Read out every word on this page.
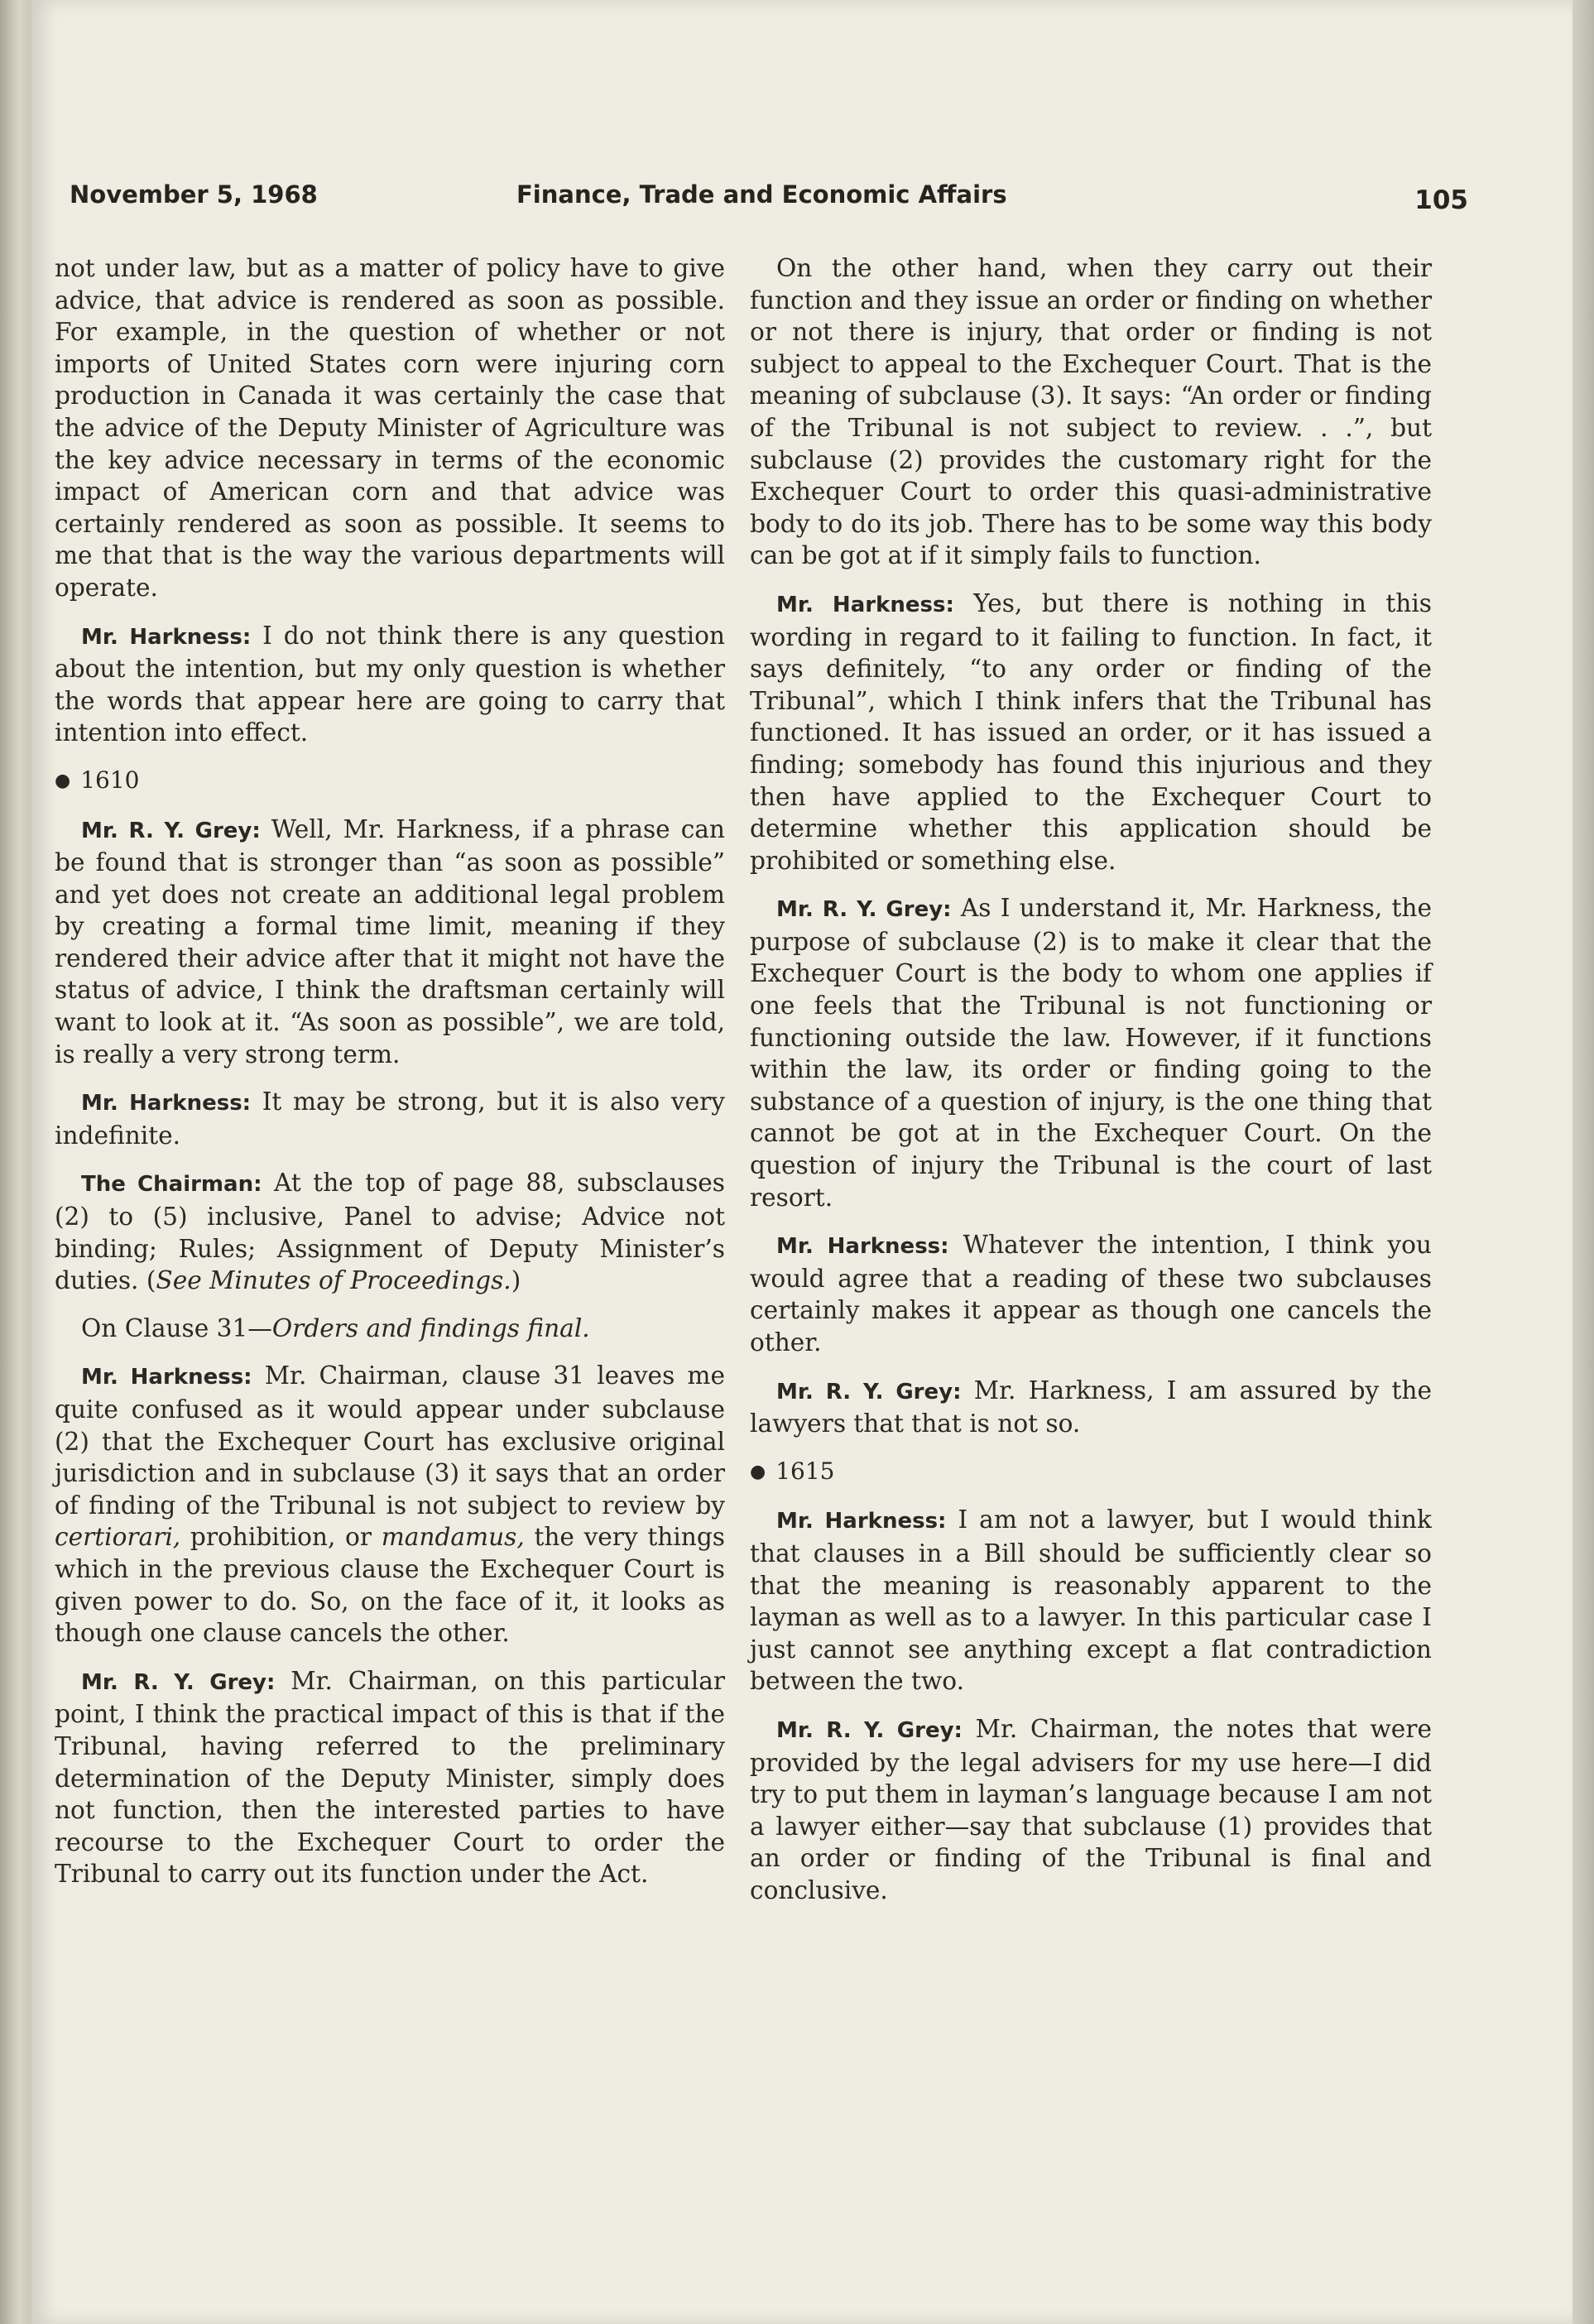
November 5, 1968	Finance, Trade and Economic Affairs	105

not under law, but as a matter of policy have to give advice, that advice is rendered as soon as possible. For example, in the question of whether or not imports of United States corn were injuring corn production in Canada it was certainly the case that the advice of the Deputy Minister of Agriculture was the key advice necessary in terms of the economic impact of American corn and that advice was certainly rendered as soon as possible. It seems to me that that is the way the various departments will operate.

Mr. Harkness: I do not think there is any question about the intention, but my only question is whether the words that appear here are going to carry that intention into effect.

● 1610

Mr. R. Y. Grey: Well, Mr. Harkness, if a phrase can be found that is stronger than “as soon as possible” and yet does not create an additional legal problem by creating a formal time limit, meaning if they rendered their advice after that it might not have the status of advice, I think the draftsman certainly will want to look at it. “As soon as possible”, we are told, is really a very strong term.

Mr. Harkness: It may be strong, but it is also very indefinite.

The Chairman: At the top of page 88, subsclauses (2) to (5) inclusive, Panel to advise; Advice not binding; Rules; Assignment of Deputy Minister’s duties. (See Minutes of Proceedings.)

On Clause 31—Orders and findings final.

Mr. Harkness: Mr. Chairman, clause 31 leaves me quite confused as it would appear under subclause (2) that the Exchequer Court has exclusive original jurisdiction and in subclause (3) it says that an order of finding of the Tribunal is not subject to review by certiorari, prohibition, or mandamus, the very things which in the previous clause the Exchequer Court is given power to do. So, on the face of it, it looks as though one clause cancels the other.

Mr. R. Y. Grey: Mr. Chairman, on this particular point, I think the practical impact of this is that if the Tribunal, having referred to the preliminary determination of the Deputy Minister, simply does not function, then the interested parties to have recourse to the Exchequer Court to order the Tribunal to carry out its function under the Act.

On the other hand, when they carry out their function and they issue an order or finding on whether or not there is injury, that order or finding is not subject to appeal to the Exchequer Court. That is the meaning of subclause (3). It says: “An order or finding of the Tribunal is not subject to review. . .”, but subclause (2) provides the customary right for the Exchequer Court to order this quasi-administrative body to do its job. There has to be some way this body can be got at if it simply fails to function.

Mr. Harkness: Yes, but there is nothing in this wording in regard to it failing to function. In fact, it says definitely, “to any order or finding of the Tribunal”, which I think infers that the Tribunal has functioned. It has issued an order, or it has issued a finding; somebody has found this injurious and they then have applied to the Exchequer Court to determine whether this application should be prohibited or something else.

Mr. R. Y. Grey: As I understand it, Mr. Harkness, the purpose of subclause (2) is to make it clear that the Exchequer Court is the body to whom one applies if one feels that the Tribunal is not functioning or functioning outside the law. However, if it functions within the law, its order or finding going to the substance of a question of injury, is the one thing that cannot be got at in the Exchequer Court. On the question of injury the Tribunal is the court of last resort.

Mr. Harkness: Whatever the intention, I think you would agree that a reading of these two subclauses certainly makes it appear as though one cancels the other.

Mr. R. Y. Grey: Mr. Harkness, I am assured by the lawyers that that is not so.

● 1615

Mr. Harkness: I am not a lawyer, but I would think that clauses in a Bill should be sufficiently clear so that the meaning is reasonably apparent to the layman as well as to a lawyer. In this particular case I just cannot see anything except a flat contradiction between the two.

Mr. R. Y. Grey: Mr. Chairman, the notes that were provided by the legal advisers for my use here—I did try to put them in layman’s language because I am not a lawyer either—say that subclause (1) provides that an order or finding of the Tribunal is final and conclusive.
